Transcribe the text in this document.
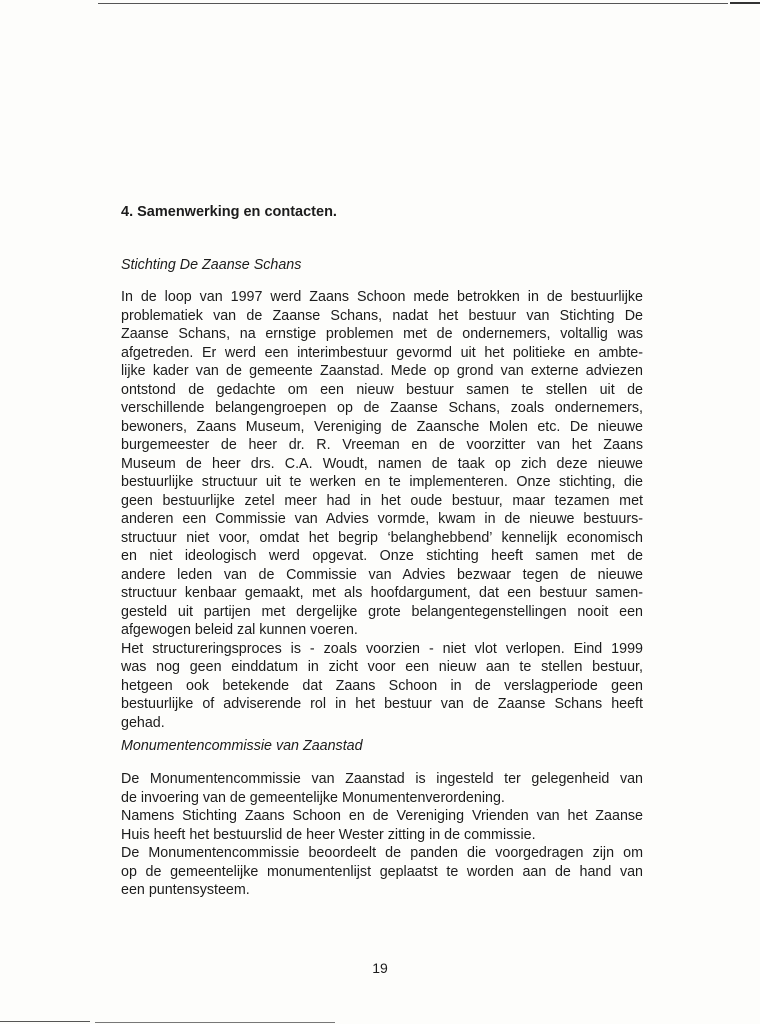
4. Samenwerking en contacten.

Stichting De Zaanse Schans

In de loop van 1997 werd Zaans Schoon mede betrokken in de bestuurlijke
problematiek van de Zaanse Schans, nadat het bestuur van Stichting De
Zaanse Schans, na ernstige problemen met de ondernemers, voltallig was
afgetreden. Er werd een interimbestuur gevormd uit het politieke en ambte-
lijke kader van de gemeente Zaanstad. Mede op grond van externe adviezen
ontstond de gedachte om een nieuw bestuur samen te stellen uit de
verschillende belangengroepen op de Zaanse Schans, zoals ondernemers,
bewoners, Zaans Museum, Vereniging de Zaansche Molen etc. De nieuwe
burgemeester de heer dr. R. Vreeman en de voorzitter van het Zaans
Museum de heer drs. C.A. Woudt, namen de taak op zich deze nieuwe
bestuurlijke structuur uit te werken en te implementeren. Onze stichting, die
geen bestuurlijke zetel meer had in het oude bestuur, maar tezamen met
anderen een Commissie van Advies vormde, kwam in de nieuwe bestuurs-
structuur niet voor, omdat het begrip ‘belanghebbend’ kennelijk economisch
en niet ideologisch werd opgevat. Onze stichting heeft samen met de
andere leden van de Commissie van Advies bezwaar tegen de nieuwe
structuur kenbaar gemaakt, met als hoofdargument, dat een bestuur samen-
gesteld uit partijen met dergelijke grote belangentegenstellingen nooit een
afgewogen beleid zal kunnen voeren.
Het structureringsproces is - zoals voorzien - niet vlot verlopen. Eind 1999
was nog geen einddatum in zicht voor een nieuw aan te stellen bestuur,
hetgeen ook betekende dat Zaans Schoon in de verslagperiode geen
bestuurlijke of adviserende rol in het bestuur van de Zaanse Schans heeft
gehad.

Monumentencommissie van Zaanstad

De Monumentencommissie van Zaanstad is ingesteld ter gelegenheid van
de invoering van de gemeentelijke Monumentenverordening.
Namens Stichting Zaans Schoon en de Vereniging Vrienden van het Zaanse
Huis heeft het bestuurslid de heer Wester zitting in de commissie.
De Monumentencommissie beoordeelt de panden die voorgedragen zijn om
op de gemeentelijke monumentenlijst geplaatst te worden aan de hand van
een puntensysteem.
19
